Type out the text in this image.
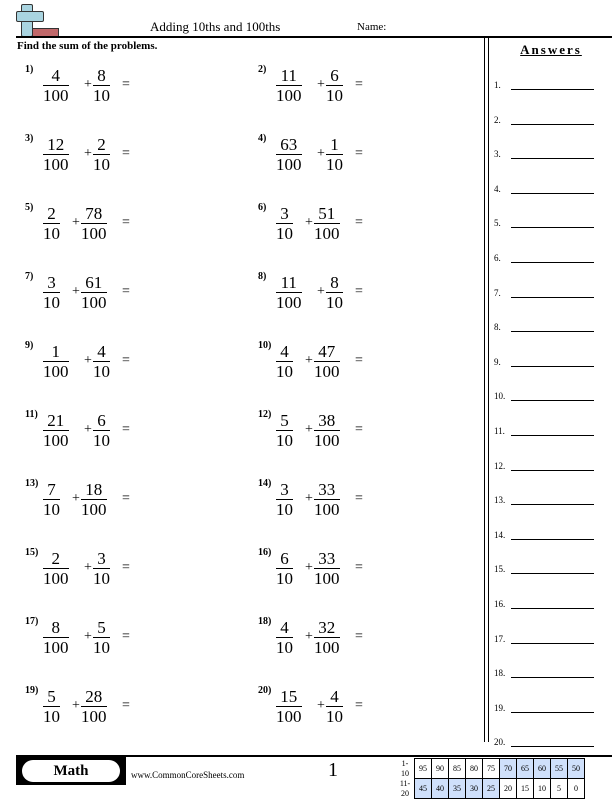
Adding 10ths and 100ths	Name:
Find the sum of the problems.	Answers
1.
2.
3.
4.
5.
6.
7.
8.
9.
10.
11.
12.
13.
14.
15.
16.
17.
18.
19.
20.
$1) \frac{4}{100} + \frac{8}{10}$ =
$2) \frac{11}{100} + \frac{6}{10}$ =
$3) \frac{12}{100} + \frac{2}{10}$ =
$4) \frac{63}{100} + \frac{1}{10}$ =
$5) \frac{2}{10} + \frac{78}{100}$ =
$6) \frac{3}{10} + \frac{51}{100}$ =
$7) \frac{3}{10} + \frac{61}{100}$ =
$8) \frac{11}{100} + \frac{8}{10}$ =
$9) \frac{1}{100} + \frac{4}{10}$ =
$10) \frac{4}{10} + \frac{47}{100}$ =
$11) \frac{21}{100} + \frac{6}{10}$ =
$12) \frac{5}{10} + \frac{38}{100}$ =
$13) \frac{7}{10} + \frac{18}{100}$ =
$14) \frac{3}{10} + \frac{33}{100}$ =
$15) \frac{2}{100} + \frac{3}{10}$ =
$16) \frac{6}{10} + \frac{33}{100}$ =
$17) \frac{8}{100} + \frac{5}{10}$ =
$18) \frac{4}{10} + \frac{32}{100}$ =
$19) \frac{5}{10} + \frac{28}{100}$ =
$20) \frac{15}{100} + \frac{4}{10}$ =
Math	www.CommonCoreSheets.com	1	1-10	95	90	85	80	75	70	65	60	55	50
11-20	45	40	35	30	25	20	15	10	5	0
